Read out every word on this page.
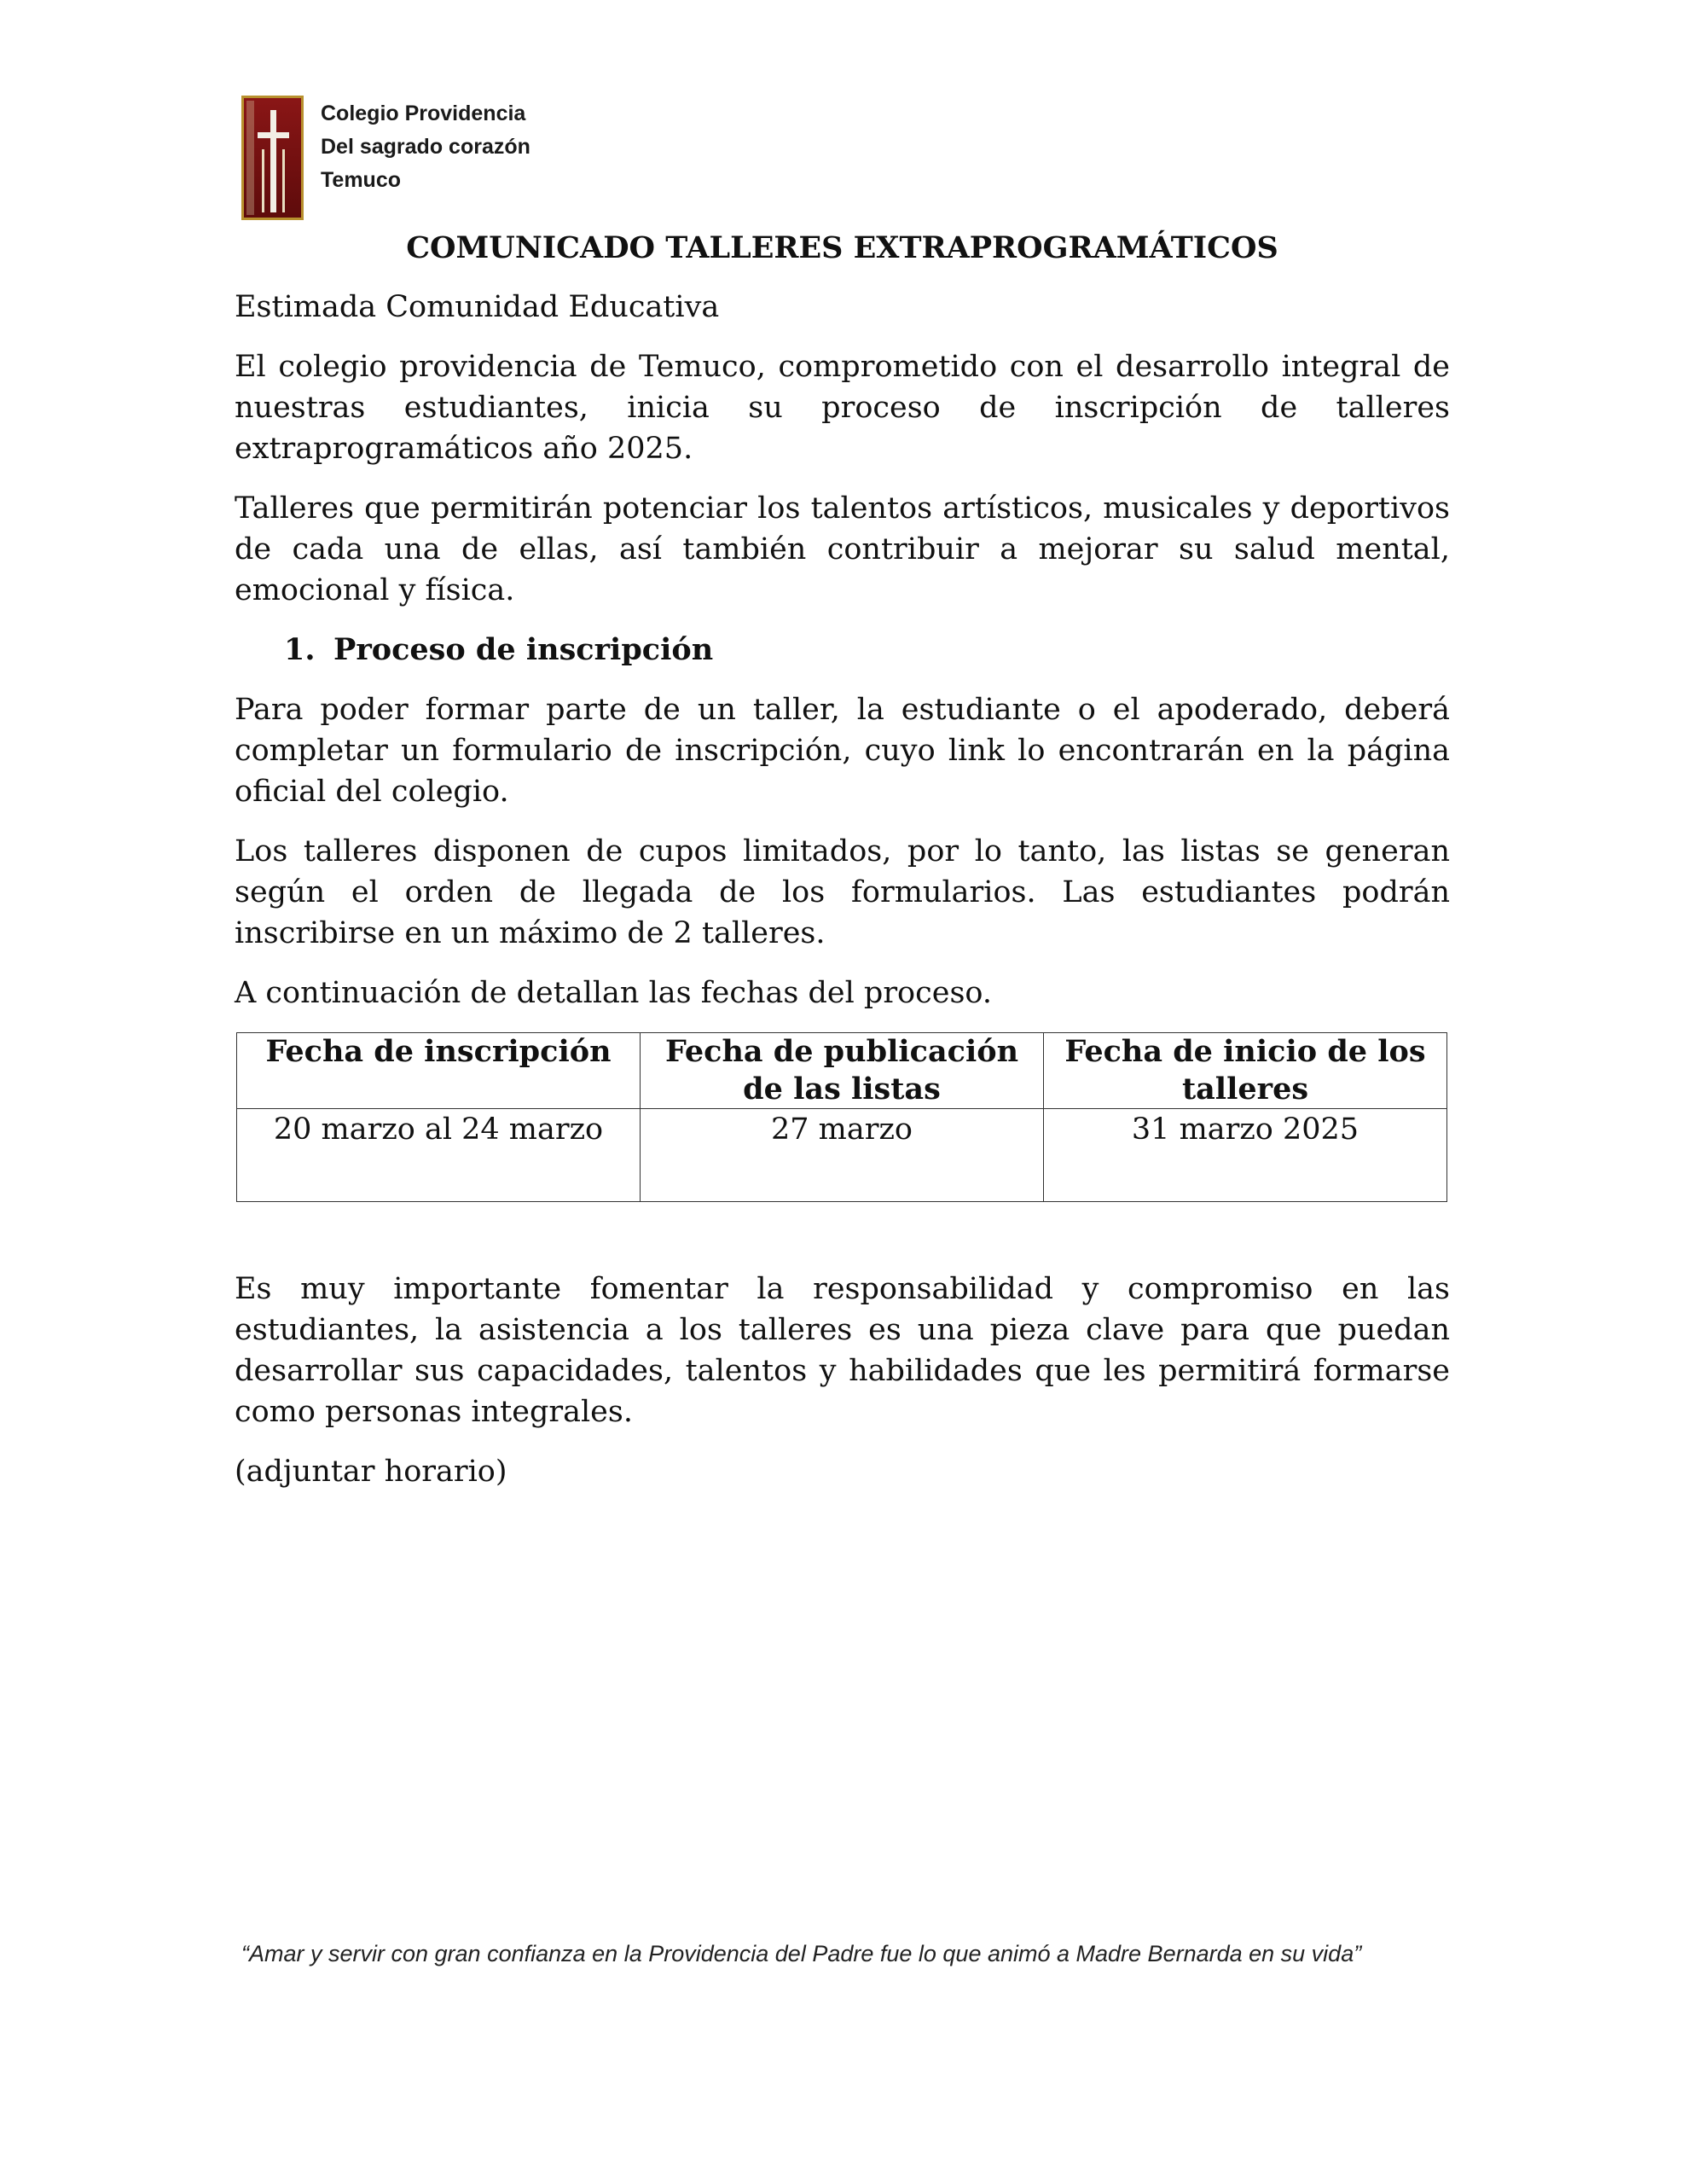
Colegio Providencia
Del sagrado corazón
Temuco
COMUNICADO TALLERES EXTRAPROGRAMÁTICOS

Estimada Comunidad Educativa

El colegio providencia de Temuco, comprometido con el desarrollo integral de nuestras estudiantes, inicia su proceso de inscripción de talleres extraprogramáticos año 2025.

Talleres que permitirán potenciar los talentos artísticos, musicales y deportivos de cada una de ellas, así también contribuir a mejorar su salud mental, emocional y física.

1. Proceso de inscripción

Para poder formar parte de un taller, la estudiante o el apoderado, deberá completar un formulario de inscripción, cuyo link lo encontrarán en la página oficial del colegio.

Los talleres disponen de cupos limitados, por lo tanto, las listas se generan según el orden de llegada de los formularios. Las estudiantes podrán inscribirse en un máximo de 2 talleres.

A continuación de detallan las fechas del proceso.

Fecha de inscripción	Fecha de publicación de las listas	Fecha de inicio de los talleres
20 marzo al 24 marzo	27 marzo	31 marzo 2025

Es muy importante fomentar la responsabilidad y compromiso en las estudiantes, la asistencia a los talleres es una pieza clave para que puedan desarrollar sus capacidades, talentos y habilidades que les permitirá formarse como personas integrales.

(adjuntar horario)

“Amar y servir con gran confianza en la Providencia del Padre fue lo que animó a Madre Bernarda en su vida”
